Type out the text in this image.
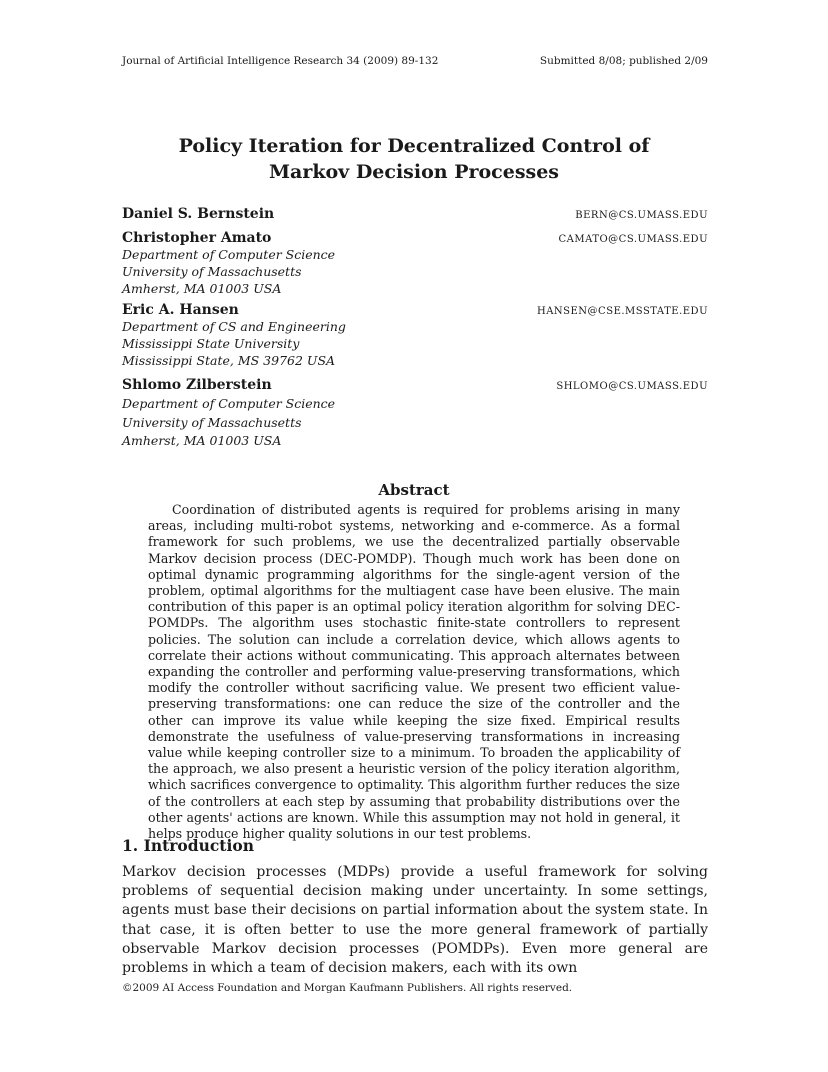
Journal of Artificial Intelligence Research 34 (2009) 89-132	Submitted 8/08; published 2/09
Policy Iteration for Decentralized Control of
Markov Decision Processes
Daniel S. Bernstein	BERN@CS.UMASS.EDU
Christopher Amato	CAMATO@CS.UMASS.EDU
Department of Computer Science
University of Massachusetts
Amherst, MA 01003 USA
Eric A. Hansen	HANSEN@CSE.MSSTATE.EDU
Department of CS and Engineering
Mississippi State University
Mississippi State, MS 39762 USA
Shlomo Zilberstein	SHLOMO@CS.UMASS.EDU
Department of Computer Science
University of Massachusetts
Amherst, MA 01003 USA
Abstract

Coordination of distributed agents is required for problems arising in many areas, including multi-robot systems, networking and e-commerce. As a formal framework for such problems, we use the decentralized partially observable Markov decision process (DEC-POMDP). Though much work has been done on optimal dynamic programming algorithms for the single-agent version of the problem, optimal algorithms for the multiagent case have been elusive. The main contribution of this paper is an optimal policy iteration algorithm for solving DEC-POMDPs. The algorithm uses stochastic finite-state controllers to represent policies. The solution can include a correlation device, which allows agents to correlate their actions without communicating. This approach alternates between expanding the controller and performing value-preserving transformations, which modify the controller without sacrificing value. We present two efficient value-preserving transformations: one can reduce the size of the controller and the other can improve its value while keeping the size fixed. Empirical results demonstrate the usefulness of value-preserving transformations in increasing value while keeping controller size to a minimum. To broaden the applicability of the approach, we also present a heuristic version of the policy iteration algorithm, which sacrifices convergence to optimality. This algorithm further reduces the size of the controllers at each step by assuming that probability distributions over the other agents' actions are known. While this assumption may not hold in general, it helps produce higher quality solutions in our test problems.

1. Introduction

Markov decision processes (MDPs) provide a useful framework for solving problems of sequential decision making under uncertainty. In some settings, agents must base their decisions on partial information about the system state. In that case, it is often better to use the more general framework of partially observable Markov decision processes (POMDPs). Even more general are problems in which a team of decision makers, each with its own

©2009 AI Access Foundation and Morgan Kaufmann Publishers. All rights reserved.
